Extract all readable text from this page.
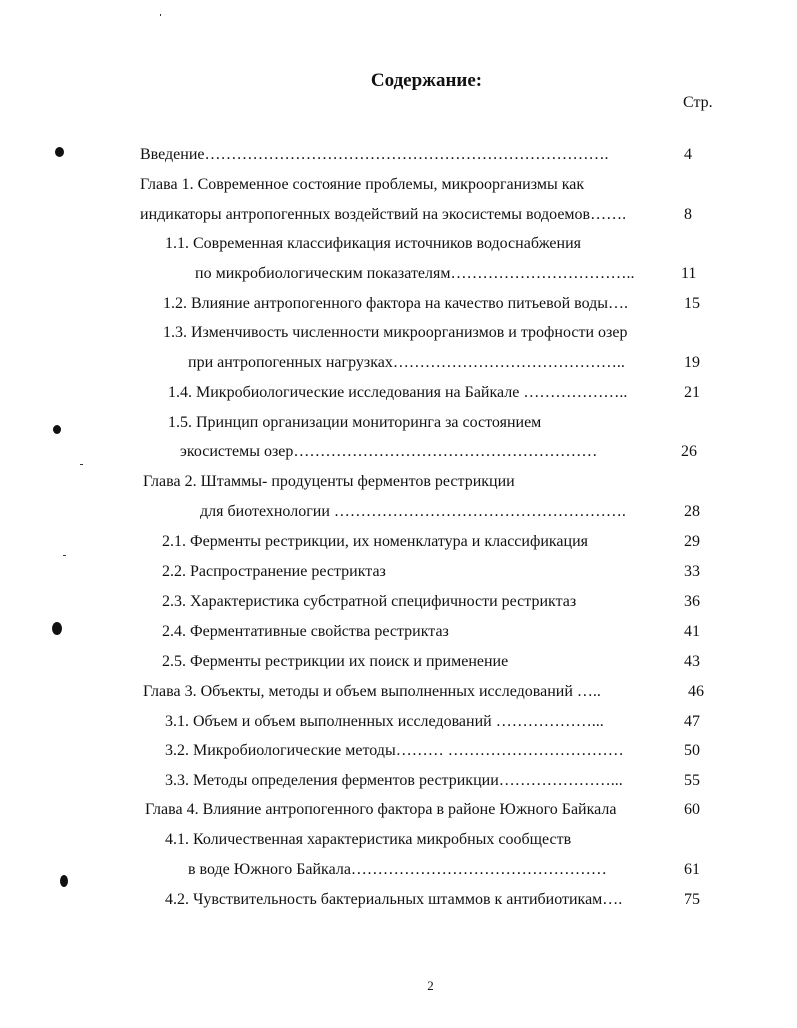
Содержание:
Стр.
Введение………………………………………………………………….	4
Глава 1. Современное состояние проблемы, микроорганизмы как
индикаторы антропогенных воздействий на экосистемы водоемов…….	8
1.1. Современная классификация источников водоснабжения
по микробиологическим показателям……………………………..	11
1.2. Влияние антропогенного фактора на качество питьевой воды….	15
1.3. Изменчивость численности микроорганизмов и трофности озер
при антропогенных нагрузках……………………………………..	19
1.4. Микробиологические исследования на Байкале ………………..	21
1.5. Принцип организации мониторинга за состоянием
экосистемы озер…………………………………………………	26
Глава 2. Штаммы- продуценты ферментов рестрикции
для биотехнологии ……………………………………………….	28
2.1. Ферменты рестрикции, их номенклатура и классификация	29
2.2. Распространение рестриктаз	33
2.3. Характеристика субстратной специфичности рестриктаз	36
2.4. Ферментативные свойства рестриктаз	41
2.5. Ферменты рестрикции их поиск и применение	43
Глава 3. Объекты, методы и объем выполненных исследований …..	46
3.1. Объем и объем выполненных исследований ………………...	47
3.2. Микробиологические методы……… ……………………………	50
3.3. Методы определения ферментов рестрикции…………………...	55
Глава 4. Влияние антропогенного фактора в районе Южного Байкала	60
4.1. Количественная характеристика микробных сообществ
в воде Южного Байкала…………………………………………	61
4.2. Чувствительность бактериальных штаммов к антибиотикам….	75
2
